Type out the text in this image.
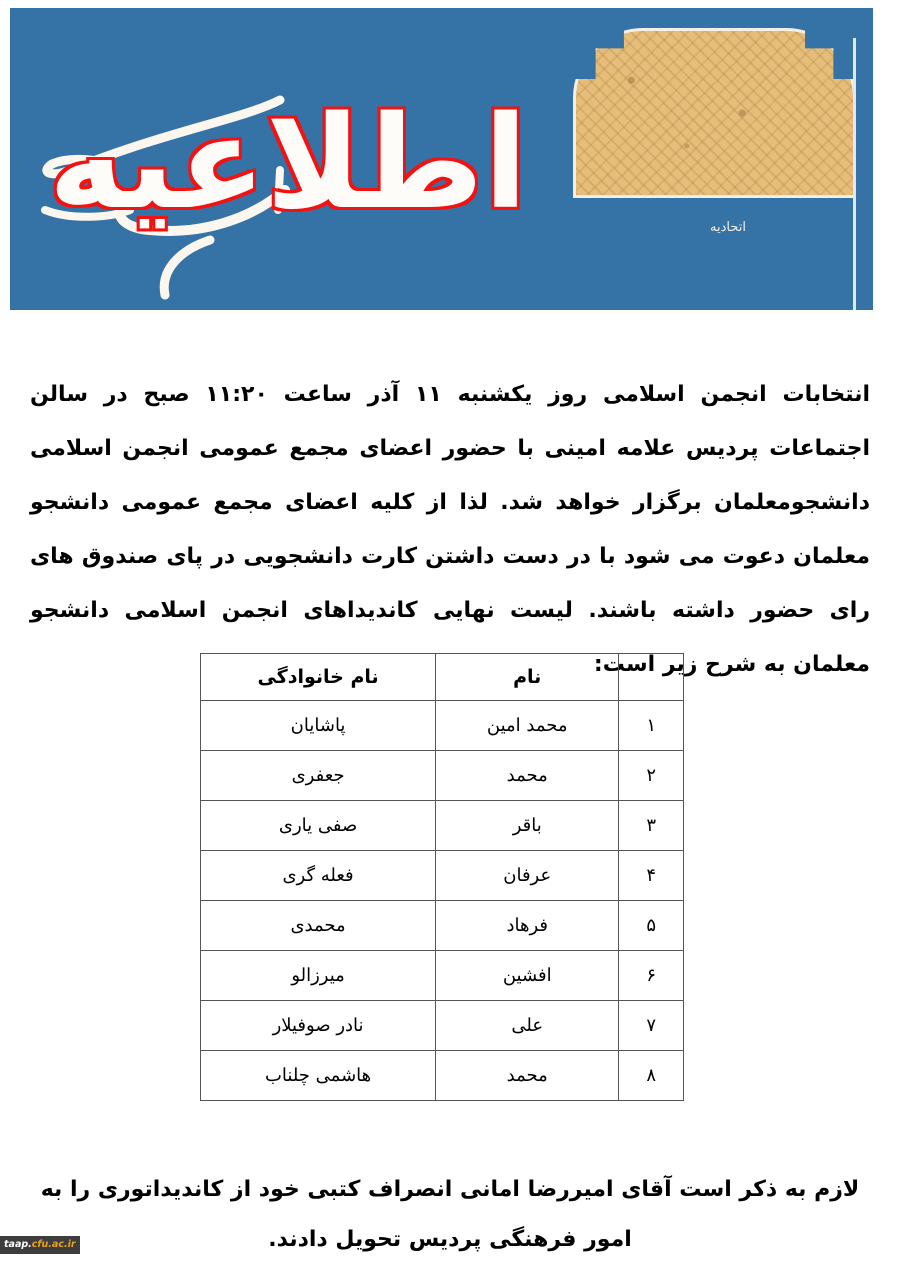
اتحادیه
اطلاعیه

انتخابات انجمن اسلامی روز یکشنبه ۱۱ آذر ساعت ۱۱:۲۰ صبح در سالن اجتماعات پردیس علامه امینی با حضور اعضای مجمع عمومی انجمن اسلامی دانشجومعلمان برگزار خواهد شد. لذا از کلیه اعضای مجمع عمومی دانشجو معلمان دعوت می شود با در دست داشتن کارت دانشجویی در پای صندوق های رای حضور داشته باشند. لیست نهایی کاندیداهای انجمن اسلامی دانشجو معلمان به شرح زیر است:

	نام	نام خانوادگی
۱	محمد امین	پاشایان
۲	محمد	جعفری
۳	باقر	صفی یاری
۴	عرفان	فعله گری
۵	فرهاد	محمدی
۶	افشین	میرزالو
۷	علی	نادر صوفیلار
۸	محمد	هاشمی چلناب

لازم به ذکر است آقای امیررضا امانی انصراف کتبی خود از کاندیداتوری را به امور فرهنگی پردیس تحویل دادند.

taap.cfu.ac.ir
